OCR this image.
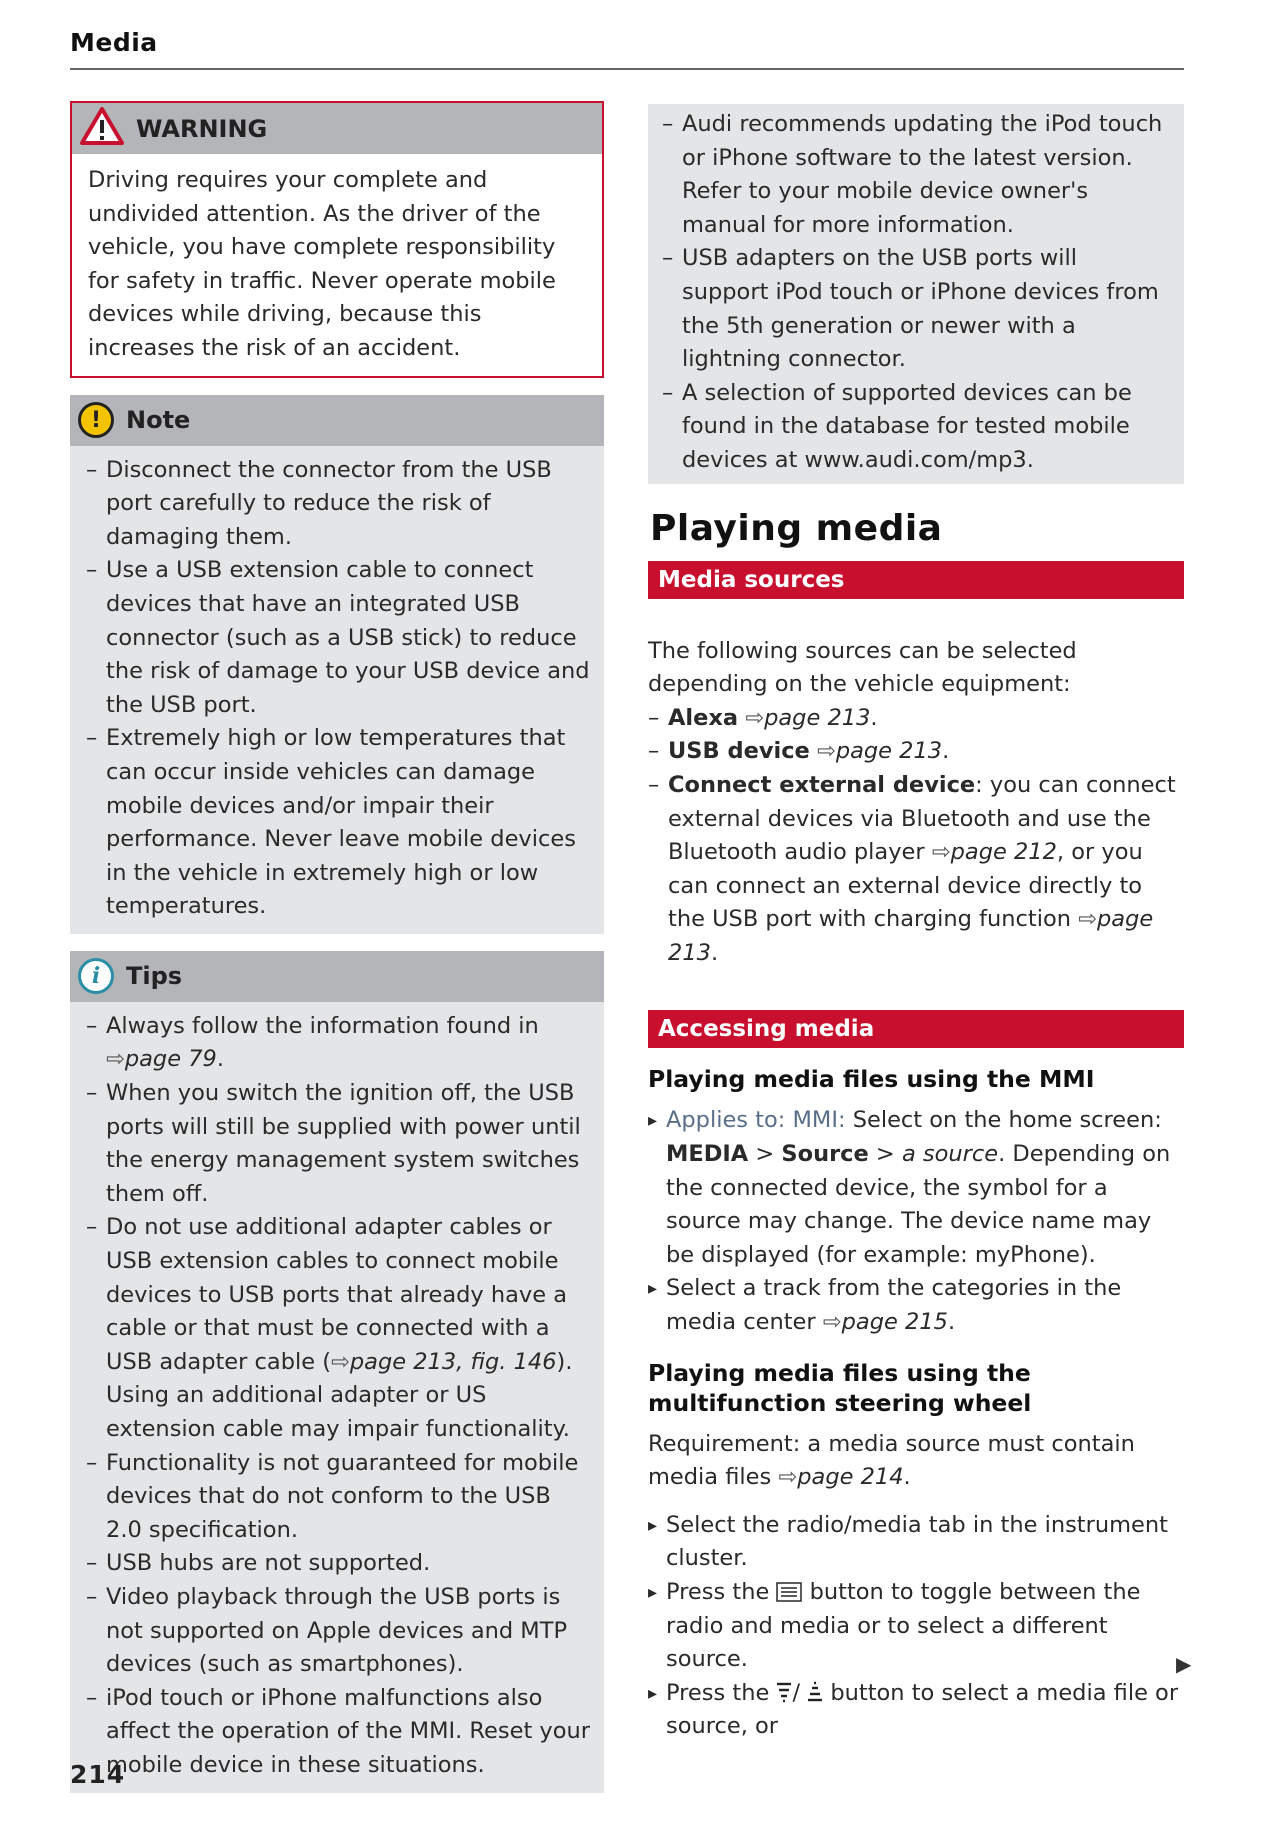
Media
WARNING
Driving requires your complete and undivided attention. As the driver of the vehicle, you have complete responsibility for safety in traffic. Never operate mobile devices while driving, because this increases the risk of an accident.
!	Note
– Disconnect the connector from the USB port carefully to reduce the risk of damaging them.
– Use a USB extension cable to connect devices that have an integrated USB connector (such as a USB stick) to reduce the risk of damage to your USB device and the USB port.
– Extremely high or low temperatures that can occur inside vehicles can damage mobile devices and/or impair their performance. Never leave mobile devices in the vehicle in extremely high or low temperatures.
i	Tips
– Always follow the information found in
⇨page 79.
– When you switch the ignition off, the USB ports will still be supplied with power until the energy management system switches them off.
– Do not use additional adapter cables or USB extension cables to connect mobile devices to USB ports that already have a cable or that must be connected with a USB adapter cable (⇨page 213, fig. 146). Using an additional adapter or US extension cable may impair functionality.
– Functionality is not guaranteed for mobile devices that do not conform to the USB 2.0 specification.
– USB hubs are not supported.
– Video playback through the USB ports is not supported on Apple devices and MTP devices (such as smartphones).
– iPod touch or iPhone malfunctions also affect the operation of the MMI. Reset your mobile device in these situations.
– Audi recommends updating the iPod touch or iPhone software to the latest version. Refer to your mobile device owner's manual for more information.
– USB adapters on the USB ports will support iPod touch or iPhone devices from the 5th generation or newer with a lightning connector.
– A selection of supported devices can be found in the database for tested mobile devices at www.audi.com/mp3.
Playing media
Media sources
The following sources can be selected depending on the vehicle equipment:
– Alexa ⇨page 213.
– USB device ⇨page 213.
– Connect external device: you can connect external devices via Bluetooth and use the Bluetooth audio player ⇨page 212, or you can connect an external device directly to the USB port with charging function ⇨page 213.
Accessing media
Playing media files using the MMI
▸ Applies to: MMI: Select on the home screen: MEDIA > Source > a source. Depending on the connected device, the symbol for a source may change. The device name may be displayed (for example: myPhone).
▸ Select a track from the categories in the media center ⇨page 215.
Playing media files using the multifunction steering wheel
Requirement: a media source must contain media files ⇨page 214.
▸ Select the radio/media tab in the instrument cluster.
▸ Press the button to toggle between the radio and media or to select a different source.
▸ Press the / button to select a media file or source, or
▶
214
